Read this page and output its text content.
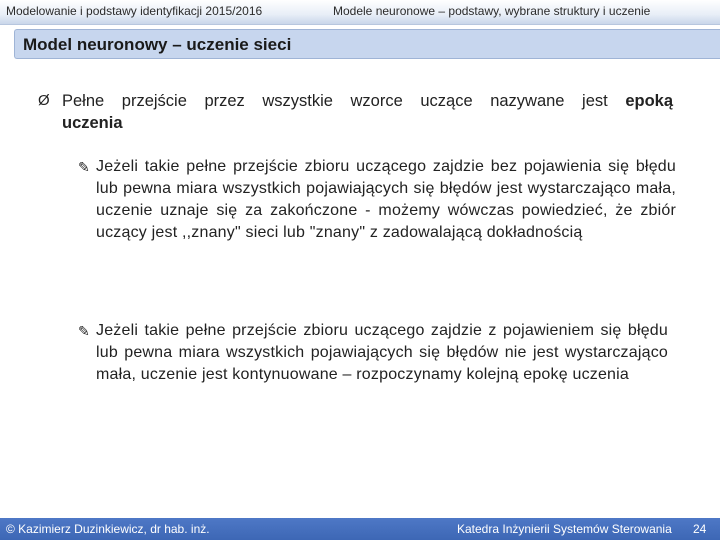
Modelowanie i podstawy identyfikacji 2015/2016	Modele neuronowe – podstawy, wybrane struktury i uczenie
Model neuronowy – uczenie sieci
Ø Pełne przejście przez wszystkie wzorce uczące nazywane jest epoką uczenia
✎ Jeżeli takie pełne przejście zbioru uczącego zajdzie bez pojawienia się błędu lub pewna miara wszystkich pojawiających się błędów jest wystarczająco mała, uczenie uznaje się za zakończone - możemy wówczas powiedzieć, że zbiór uczący jest ,,znany" sieci lub "znany" z zadowalającą dokładnością
✎ Jeżeli takie pełne przejście zbioru uczącego zajdzie z pojawieniem się błędu lub pewna miara wszystkich pojawiających się błędów nie jest wystarczająco mała, uczenie jest kontynuowane – rozpoczynamy kolejną epokę uczenia
© Kazimierz Duzinkiewicz, dr hab. inż.	Katedra Inżynierii Systemów Sterowania 24
